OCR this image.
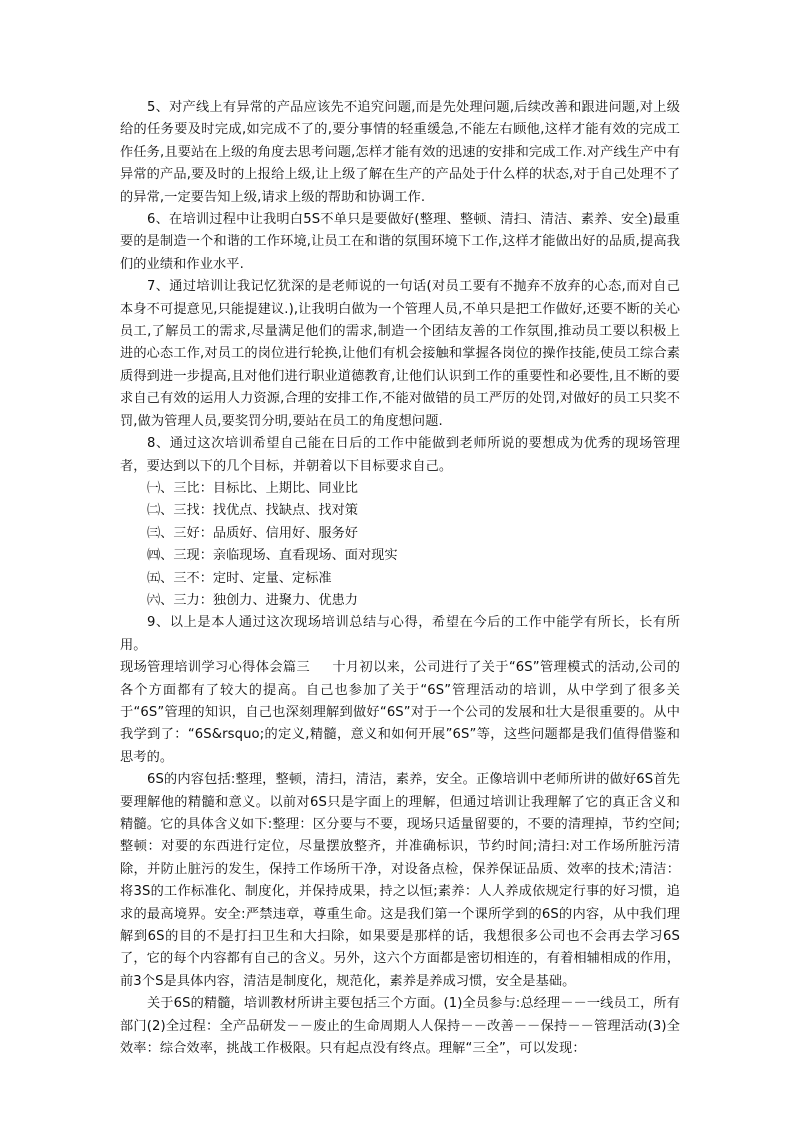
5、对产线上有异常的产品应该先不追究问题,而是先处理问题,后续改善和跟进问题,对上级给的任务要及时完成,如完成不了的,要分事情的轻重缓急,不能左右顾他,这样才能有效的完成工作任务,且要站在上级的角度去思考问题,怎样才能有效的迅速的安排和完成工作.对产线生产中有异常的产品,要及时的上报给上级,让上级了解在生产的产品处于什么样的状态,对于自己处理不了的异常,一定要告知上级,请求上级的帮助和协调工作.

6、在培训过程中让我明白5S不单只是要做好(整理、整顿、清扫、清洁、素养、安全)最重要的是制造一个和谐的工作环境,让员工在和谐的氛围环境下工作,这样才能做出好的品质,提高我们的业绩和作业水平.

7、通过培训让我记忆犹深的是老师说的一句话(对员工要有不抛弃不放弃的心态,而对自己本身不可提意见,只能提建议.),让我明白做为一个管理人员,不单只是把工作做好,还要不断的关心员工,了解员工的需求,尽量满足他们的需求,制造一个团结友善的工作氛围,推动员工要以积极上进的心态工作,对员工的岗位进行轮换,让他们有机会接触和掌握各岗位的操作技能,使员工综合素质得到进一步提高,且对他们进行职业道德教育,让他们认识到工作的重要性和必要性,且不断的要求自己有效的运用人力资源,合理的安排工作,不能对做错的员工严厉的处罚,对做好的员工只奖不罚,做为管理人员,要奖罚分明,要站在员工的角度想问题.

8、通过这次培训希望自己能在日后的工作中能做到老师所说的要想成为优秀的现场管理者，要达到以下的几个目标，并朝着以下目标要求自己。

㈠、三比：目标比、上期比、同业比

㈡、三找：找优点、找缺点、找对策

㈢、三好：品质好、信用好、服务好

㈣、三现：亲临现场、直看现场、面对现实

㈤、三不：定时、定量、定标准

㈥、三力：独创力、进聚力、优患力

9、以上是本人通过这次现场培训总结与心得，希望在今后的工作中能学有所长，长有所用。

现场管理培训学习心得体会篇三 十月初以来，公司进行了关于“6S”管理模式的活动,公司的各个方面都有了较大的提高。自己也参加了关于“6S”管理活动的培训，从中学到了很多关于“6S”管理的知识，自己也深刻理解到做好“6S”对于一个公司的发展和壮大是很重要的。从中我学到了：“6S&rsquo;的定义,精髓，意义和如何开展”6S”等，这些问题都是我们值得借鉴和思考的。

6S的内容包括:整理，整顿，清扫，清洁，素养，安全。正像培训中老师所讲的做好6S首先要理解他的精髓和意义。以前对6S只是字面上的理解，但通过培训让我理解了它的真正含义和精髓。它的具体含义如下:整理：区分要与不要，现场只适量留要的，不要的清理掉，节约空间;整顿：对要的东西进行定位，尽量摆放整齐，并准确标识，节约时间;清扫:对工作场所脏污清除，并防止脏污的发生，保持工作场所干净，对设备点检，保养保证品质、效率的技术;清洁：将3S的工作标准化、制度化，并保持成果，持之以恒;素养：人人养成依规定行事的好习惯，追求的最高境界。安全:严禁违章，尊重生命。这是我们第一个课所学到的6S的内容，从中我们理解到6S的目的不是打扫卫生和大扫除，如果要是那样的话，我想很多公司也不会再去学习6S了，它的每个内容都有自己的含义。另外，这六个方面都是密切相连的，有着相辅相成的作用，前3个S是具体内容，清洁是制度化，规范化，素养是养成习惯，安全是基础。

关于6S的精髓，培训教材所讲主要包括三个方面。(1)全员参与:总经理－－一线员工，所有部门(2)全过程：全产品研发－－废止的生命周期人人保持－－改善－－保持－－管理活动(3)全效率：综合效率，挑战工作极限。只有起点没有终点。理解“三全”，可以发现：
